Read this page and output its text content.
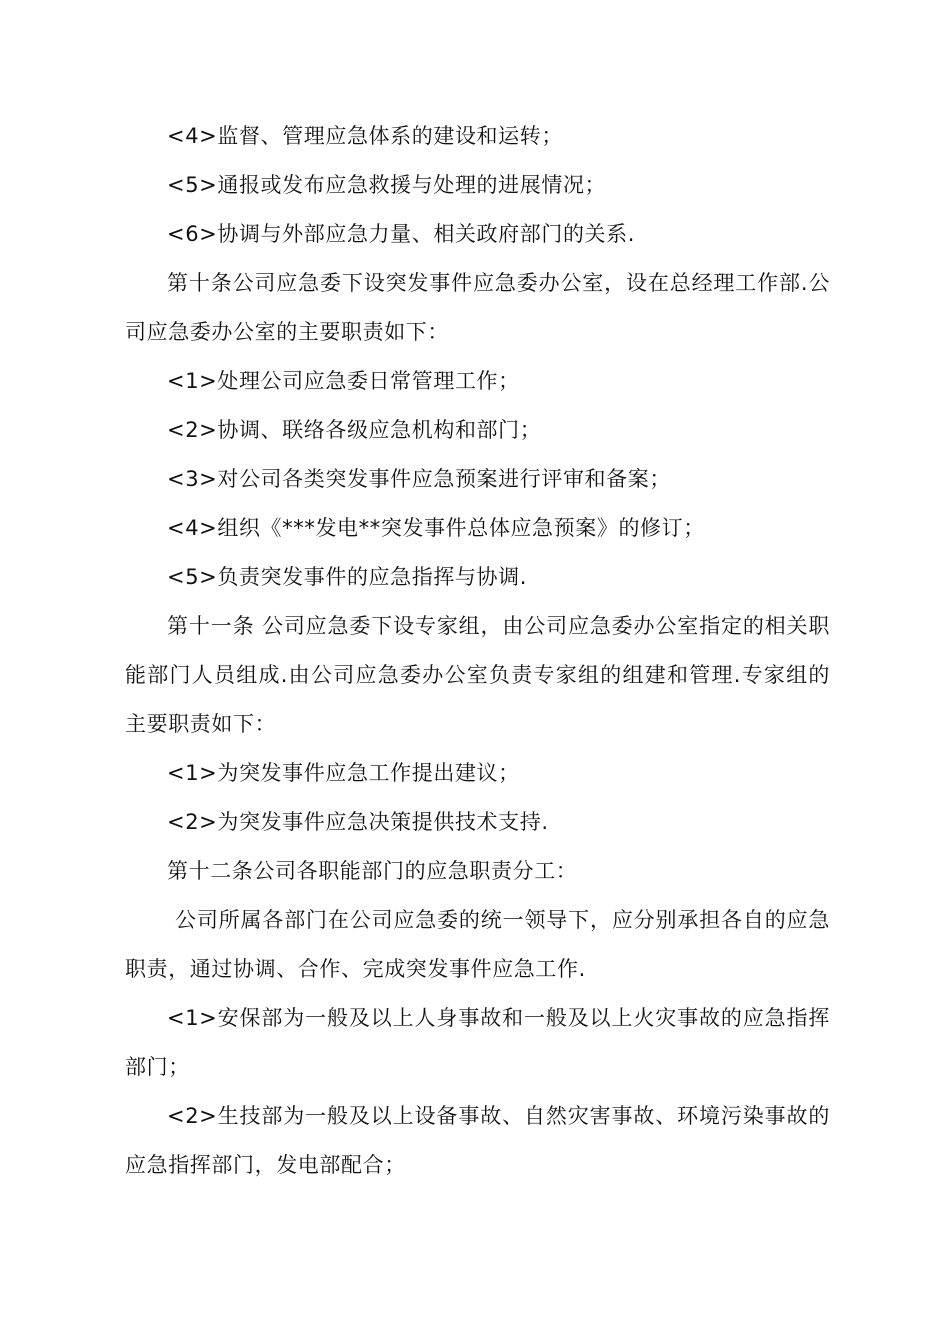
<4>监督、管理应急体系的建设和运转；

<5>通报或发布应急救援与处理的进展情况；

<6>协调与外部应急力量、相关政府部门的关系.

第十条公司应急委下设突发事件应急委办公室，设在总经理工作部.公司应急委办公室的主要职责如下：

<1>处理公司应急委日常管理工作；

<2>协调、联络各级应急机构和部门；

<3>对公司各类突发事件应急预案进行评审和备案；

<4>组织《***发电**突发事件总体应急预案》的修订；

<5>负责突发事件的应急指挥与协调.

第十一条 公司应急委下设专家组，由公司应急委办公室指定的相关职能部门人员组成.由公司应急委办公室负责专家组的组建和管理.专家组的主要职责如下：

<1>为突发事件应急工作提出建议；

<2>为突发事件应急决策提供技术支持.

第十二条公司各职能部门的应急职责分工：

公司所属各部门在公司应急委的统一领导下，应分别承担各自的应急职责，通过协调、合作、完成突发事件应急工作.

<1>安保部为一般及以上人身事故和一般及以上火灾事故的应急指挥部门；

<2>生技部为一般及以上设备事故、自然灾害事故、环境污染事故的应急指挥部门，发电部配合；
